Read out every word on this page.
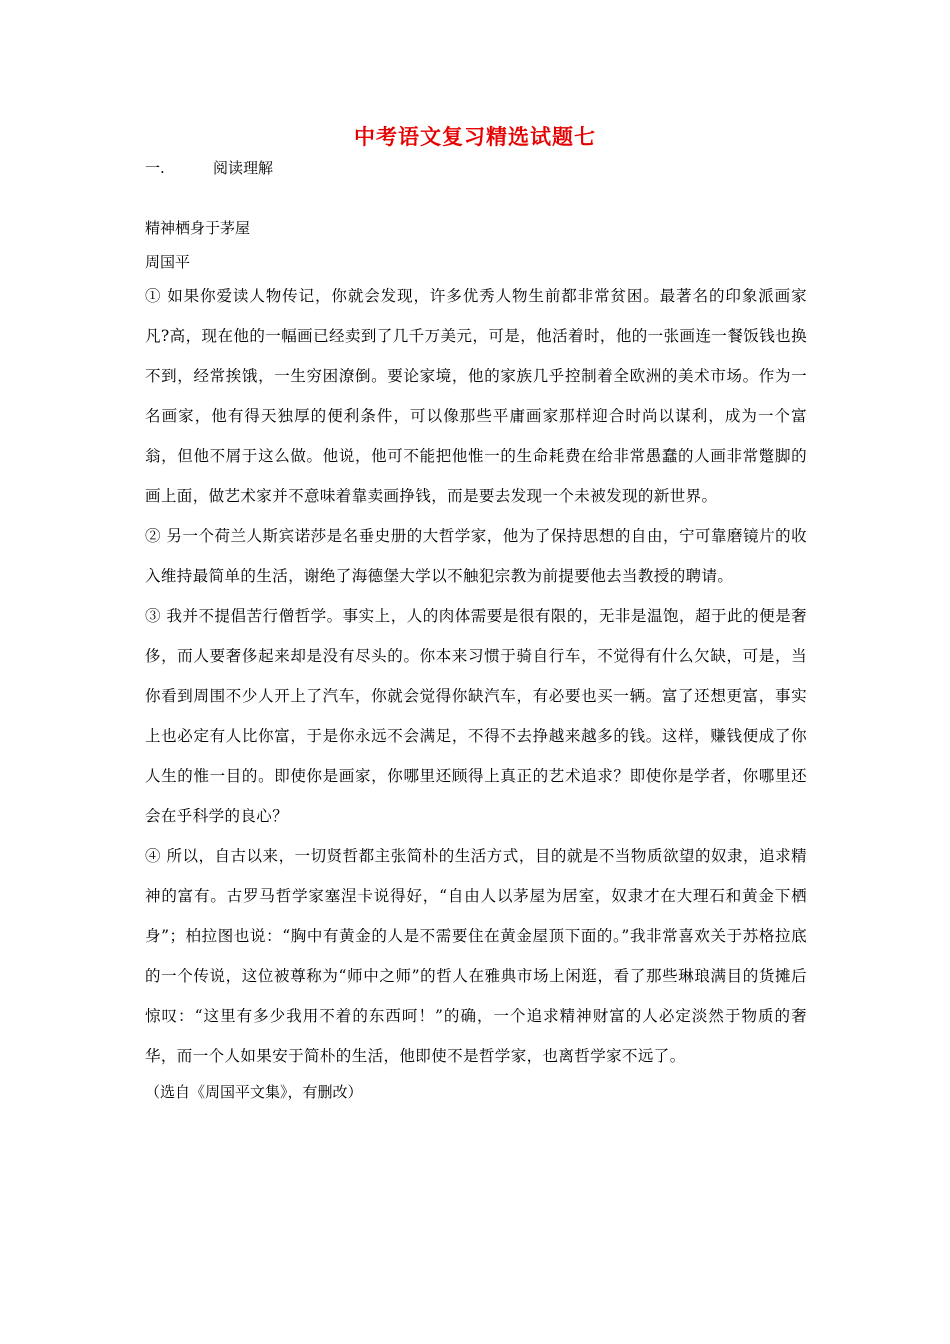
中考语文复习精选试题七
一.	阅读理解
精神栖身于茅屋
周国平

① 如果你爱读人物传记，你就会发现，许多优秀人物生前都非常贫困。最著名的印象派画家凡?高，现在他的一幅画已经卖到了几千万美元，可是，他活着时，他的一张画连一餐饭钱也换不到，经常挨饿，一生穷困潦倒。要论家境，他的家族几乎控制着全欧洲的美术市场。作为一名画家，他有得天独厚的便利条件，可以像那些平庸画家那样迎合时尚以谋利，成为一个富翁，但他不屑于这么做。他说，他可不能把他惟一的生命耗费在给非常愚蠢的人画非常蹩脚的画上面，做艺术家并不意味着靠卖画挣钱，而是要去发现一个未被发现的新世界。

② 另一个荷兰人斯宾诺莎是名垂史册的大哲学家，他为了保持思想的自由，宁可靠磨镜片的收入维持最简单的生活，谢绝了海德堡大学以不触犯宗教为前提要他去当教授的聘请。

③ 我并不提倡苦行僧哲学。事实上，人的肉体需要是很有限的，无非是温饱，超于此的便是奢侈，而人要奢侈起来却是没有尽头的。你本来习惯于骑自行车，不觉得有什么欠缺，可是，当你看到周围不少人开上了汽车，你就会觉得你缺汽车，有必要也买一辆。富了还想更富，事实上也必定有人比你富，于是你永远不会满足，不得不去挣越来越多的钱。这样，赚钱便成了你人生的惟一目的。即使你是画家，你哪里还顾得上真正的艺术追求？即使你是学者，你哪里还会在乎科学的良心？

④ 所以，自古以来，一切贤哲都主张简朴的生活方式，目的就是不当物质欲望的奴隶，追求精神的富有。古罗马哲学家塞涅卡说得好，“自由人以茅屋为居室，奴隶才在大理石和黄金下栖身”；柏拉图也说：“胸中有黄金的人是不需要住在黄金屋顶下面的。”我非常喜欢关于苏格拉底的一个传说，这位被尊称为“师中之师”的哲人在雅典市场上闲逛，看了那些琳琅满目的货摊后惊叹：“这里有多少我用不着的东西呵！”的确，一个追求精神财富的人必定淡然于物质的奢华，而一个人如果安于简朴的生活，他即使不是哲学家，也离哲学家不远了。

（选自《周国平文集》，有删改）
